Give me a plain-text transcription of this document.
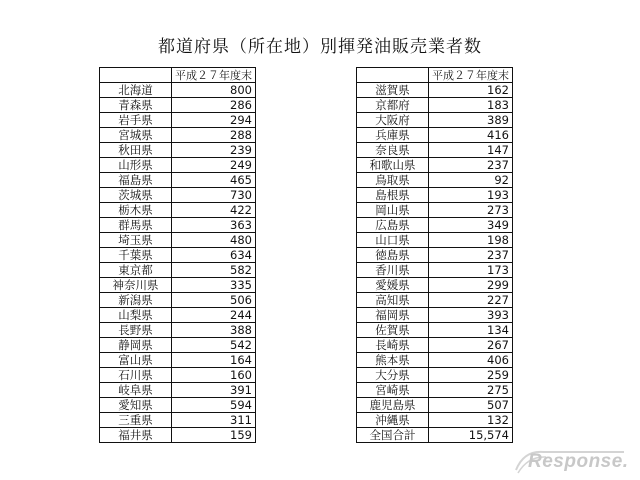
都道府県（所在地）別揮発油販売業者数
	平成２７年度末
北海道	800
青森県	286
岩手県	294
宮城県	288
秋田県	239
山形県	249
福島県	465
茨城県	730
栃木県	422
群馬県	363
埼玉県	480
千葉県	634
東京都	582
神奈川県	335
新潟県	506
山梨県	244
長野県	388
静岡県	542
富山県	164
石川県	160
岐阜県	391
愛知県	594
三重県	311
福井県	159
	平成２７年度末
滋賀県	162
京都府	183
大阪府	389
兵庫県	416
奈良県	147
和歌山県	237
鳥取県	92
島根県	193
岡山県	273
広島県	349
山口県	198
徳島県	237
香川県	173
愛媛県	299
高知県	227
福岡県	393
佐賀県	134
長崎県	267
熊本県	406
大分県	259
宮崎県	275
鹿児島県	507
沖縄県	132
全国合計	15,574
Response.
